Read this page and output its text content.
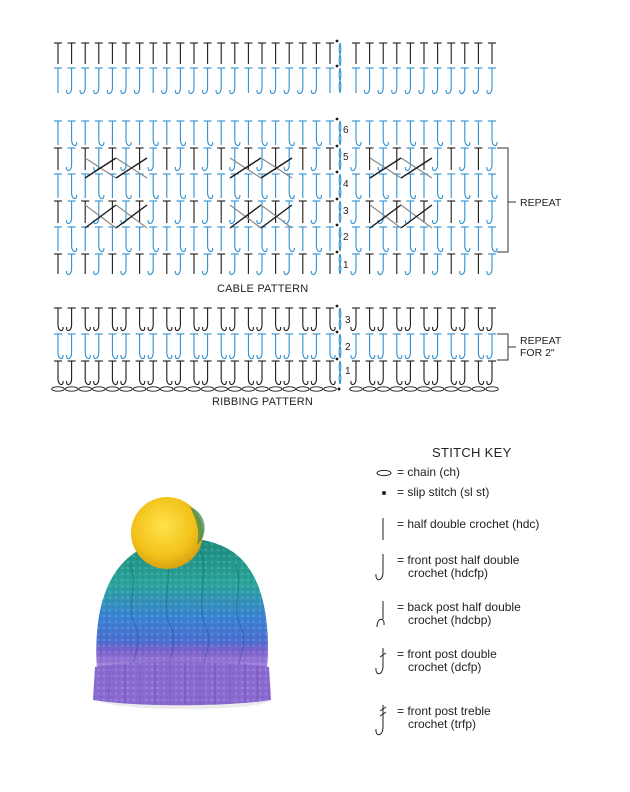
1
2
3
4
5
6
1
2
3
CABLE PATTERN
RIBBING PATTERN
REPEAT
REPEAT
FOR 2"
STITCH KEY
= chain (ch)
= slip stitch (sl st)
= half double crochet (hdc)
= front post half double
crochet (hdcfp)
= back post half double
crochet (hdcbp)
= front post double
crochet (dcfp)
= front post treble
crochet (trfp)
